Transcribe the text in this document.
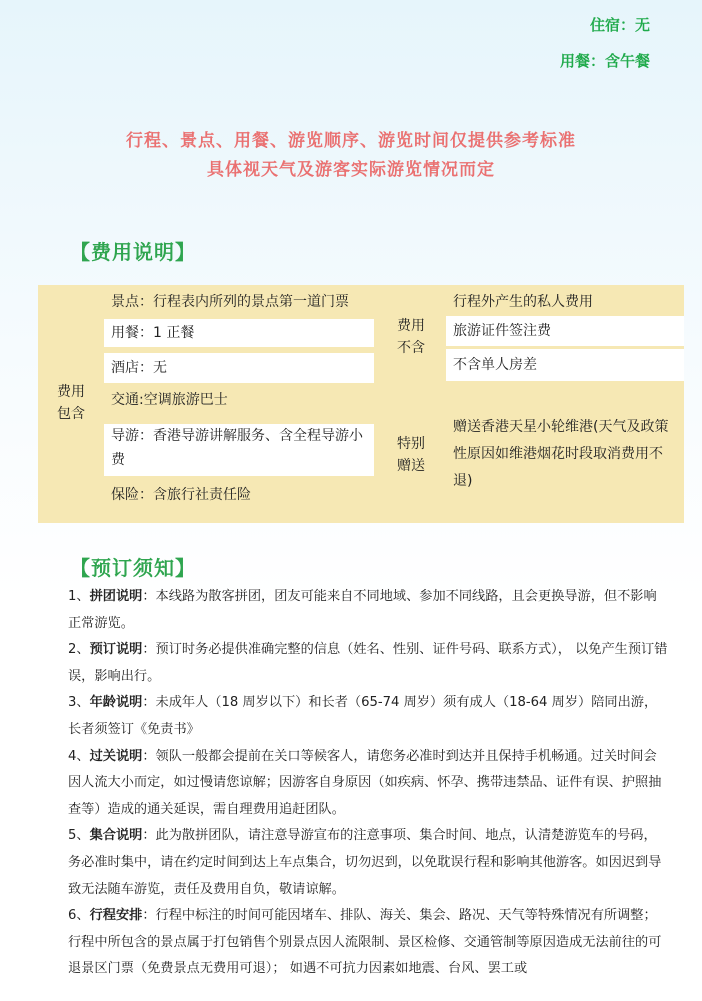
住宿：无
用餐：含午餐
行程、景点、用餐、游览顺序、游览时间仅提供参考标准
具体视天气及游客实际游览情况而定
【费用说明】
费用包含
景点：行程表内所列的景点第一道门票
用餐：1 正餐
酒店：无
交通:空调旅游巴士
导游：香港导游讲解服务、含全程导游小费
保险：含旅行社责任险
费用不含
行程外产生的私人费用
旅游证件签注费
不含单人房差
特别赠送
赠送香港天星小轮维港(天气及政策性原因如维港烟花时段取消费用不退)
【预订须知】

1、拼团说明：本线路为散客拼团，团友可能来自不同地域、参加不同线路，且会更换导游，但不影响正常游览。

2、预订说明：预订时务必提供准确完整的信息（姓名、性别、证件号码、联系方式）， 以免产生预订错误，影响出行。

3、年龄说明：未成年人（18 周岁以下）和长者（65-74 周岁）须有成人（18-64 周岁）陪同出游，长者须签订《免责书》

4、过关说明：领队一般都会提前在关口等候客人，请您务必准时到达并且保持手机畅通。过关时间会因人流大小而定，如过慢请您谅解；因游客自身原因（如疾病、怀孕、携带违禁品、证件有误、护照抽查等）造成的通关延误，需自理费用追赶团队。

5、集合说明：此为散拼团队，请注意导游宣布的注意事项、集合时间、地点，认清楚游览车的号码，务必准时集中，请在约定时间到达上车点集合，切勿迟到，以免耽误行程和影响其他游客。如因迟到导致无法随车游览，责任及费用自负，敬请谅解。

6、行程安排：行程中标注的时间可能因堵车、排队、海关、集会、路况、天气等特殊情况有所调整；行程中所包含的景点属于打包销售个别景点因人流限制、景区检修、交通管制等原因造成无法前往的可退景区门票（免费景点无费用可退）； 如遇不可抗力因素如地震、台风、罢工或
